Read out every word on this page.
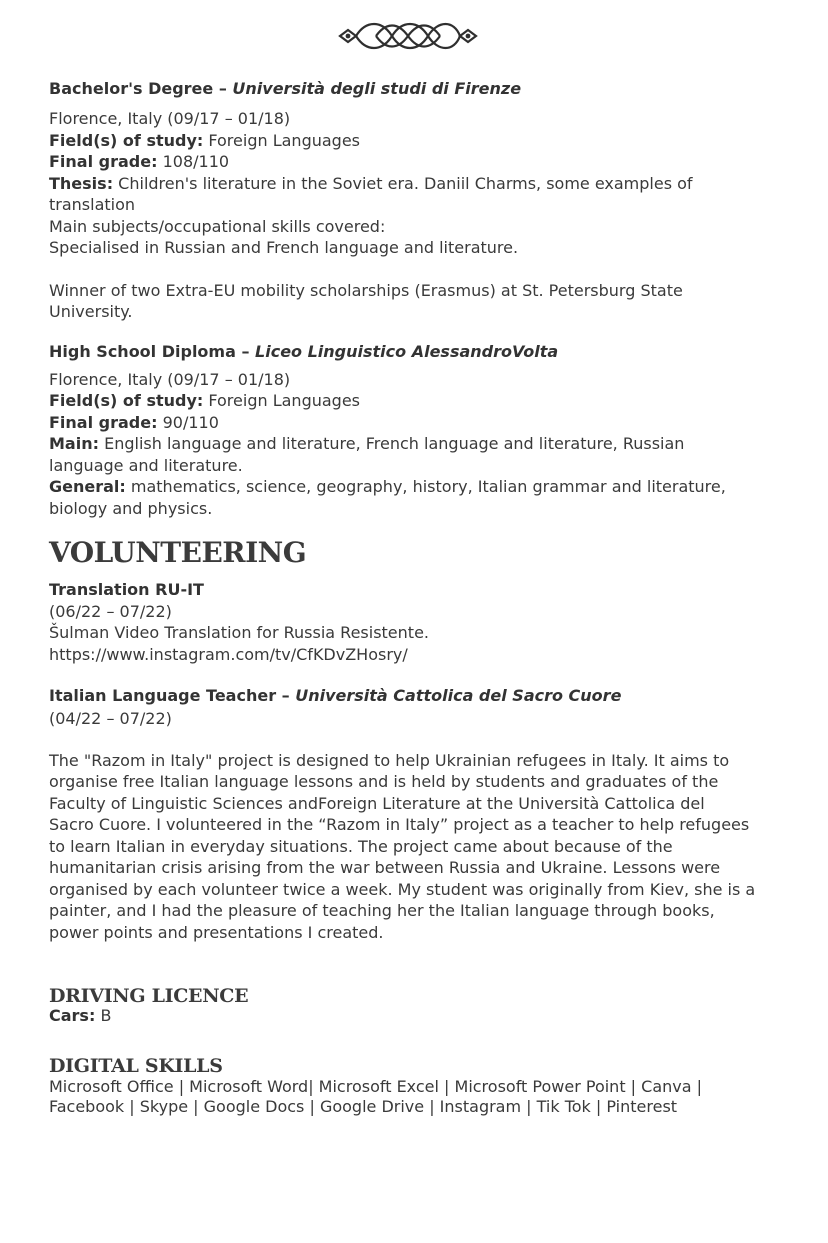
Bachelor's Degree – Università degli studi di Firenze

Florence, Italy (09/17 – 01/18)

Field(s) of study: Foreign Languages

Final grade: 108/110

Thesis: Children's literature in the Soviet era. Daniil Charms, some examples of

translation

Main subjects/occupational skills covered:

Specialised in Russian and French language and literature.

Winner of two Extra-EU mobility scholarships (Erasmus) at St. Petersburg State

University.

High School Diploma – Liceo Linguistico AlessandroVolta

Florence, Italy (09/17 – 01/18)

Field(s) of study: Foreign Languages

Final grade: 90/110

Main: English language and literature, French language and literature, Russian

language and literature.

General: mathematics, science, geography, history, Italian grammar and literature,

biology and physics.

VOLUNTEERING

Translation RU-IT

(06/22 – 07/22)

Šulman Video Translation for Russia Resistente.

https://www.instagram.com/tv/CfKDvZHosry/

Italian Language Teacher – Università Cattolica del Sacro Cuore

(04/22 – 07/22)

The "Razom in Italy" project is designed to help Ukrainian refugees in Italy. It aims to

organise free Italian language lessons and is held by students and graduates of the

Faculty of Linguistic Sciences andForeign Literature at the Università Cattolica del

Sacro Cuore. I volunteered in the “Razom in Italy” project as a teacher to help refugees

to learn Italian in everyday situations. The project came about because of the

humanitarian crisis arising from the war between Russia and Ukraine. Lessons were

organised by each volunteer twice a week. My student was originally from Kiev, she is a

painter, and I had the pleasure of teaching her the Italian language through books,

power points and presentations I created.

DRIVING LICENCE

Cars: B

DIGITAL SKILLS

Microsoft Office | Microsoft Word| Microsoft Excel | Microsoft Power Point | Canva |

Facebook | Skype | Google Docs | Google Drive | Instagram | Tik Tok | Pinterest
